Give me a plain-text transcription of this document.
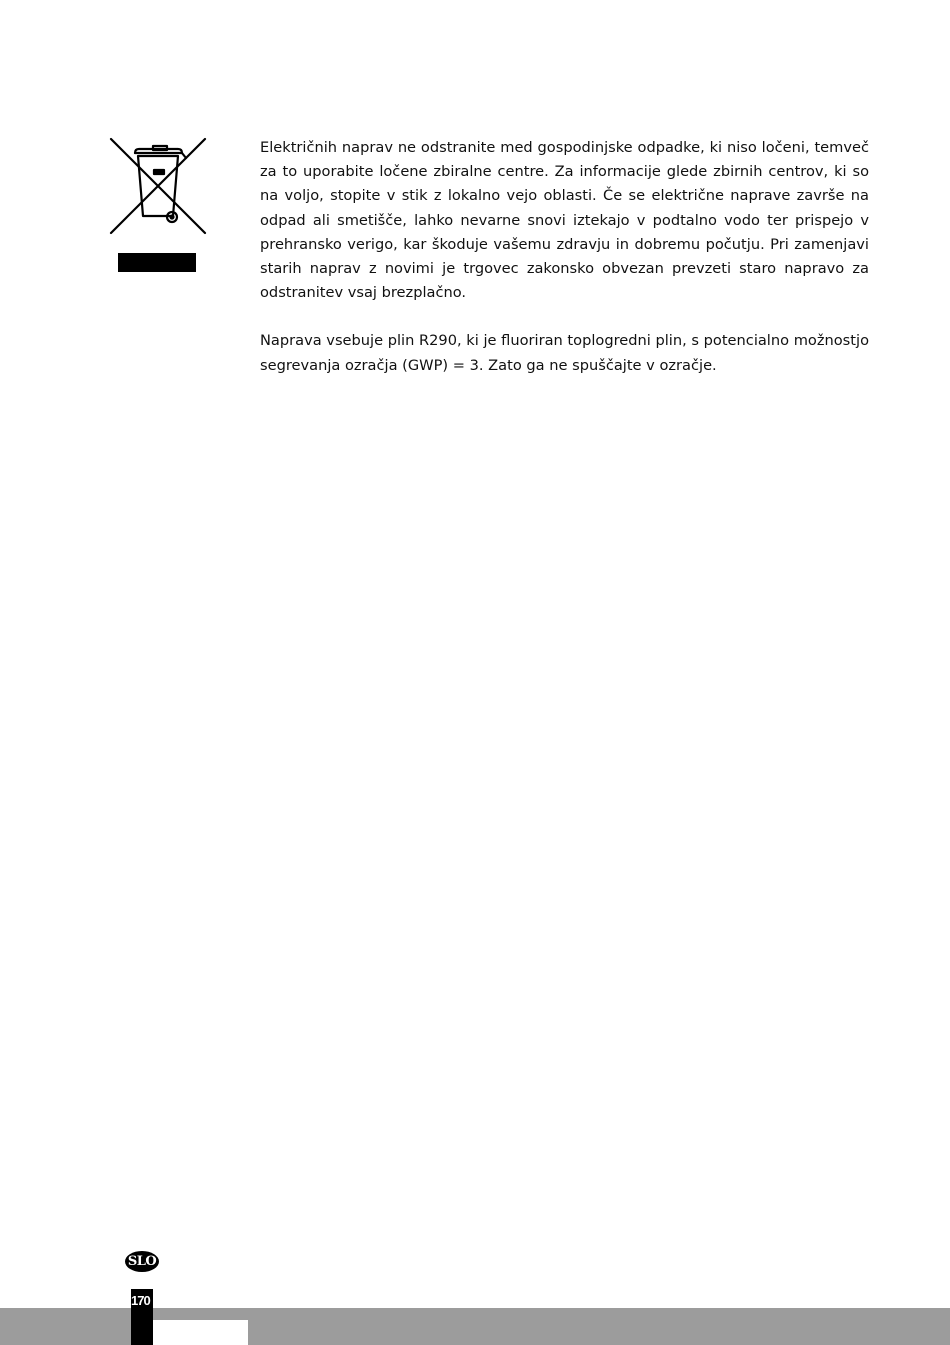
Električnih naprav ne odstranite med gospodinjske odpadke, ki niso ločeni, temveč za to uporabite ločene zbiralne centre. Za informacije glede zbirnih centrov, ki so na voljo, stopite v stik z lokalno vejo oblasti. Če se električne naprave završe na odpad ali smetišče, lahko nevarne snovi iztekajo v podtalno vodo ter prispejo v prehransko verigo, kar škoduje vašemu zdravju in dobremu počutju. Pri zamenjavi starih naprav z novimi je trgovec zakonsko obvezan prevzeti staro napravo za odstranitev vsaj brezplačno.

Naprava vsebuje plin R290, ki je fluoriran toplogredni plin, s potencialno možnostjo segrevanja ozračja (GWP) = 3. Zato ga ne spuščajte v ozračje.

SLO
170
